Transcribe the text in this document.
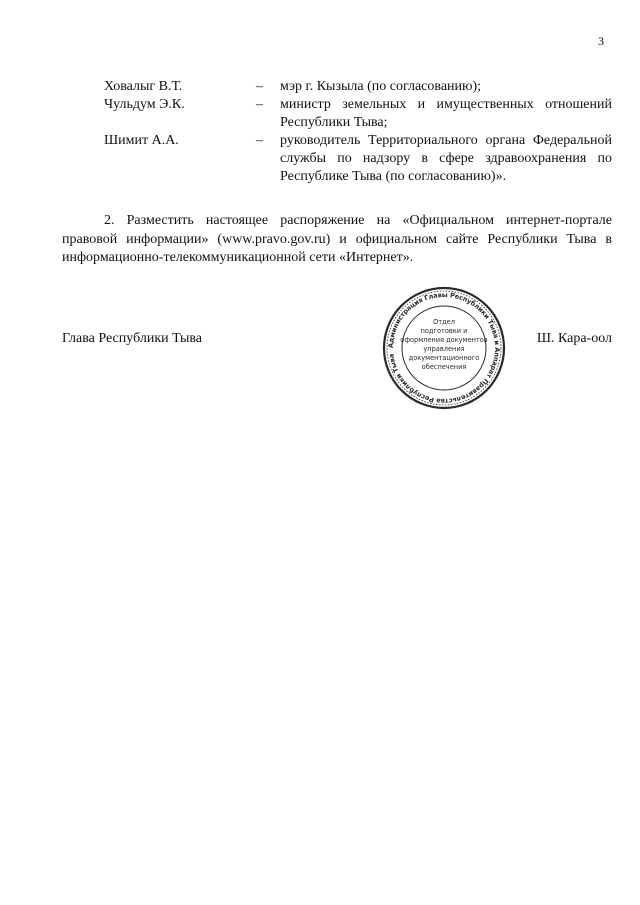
3
Ховалыг В.Т.	–	мэр г. Кызыла (по согласованию);
Чульдум Э.К.	–	министр земельных и имущественных отношений Республики Тыва;
Шимит А.А.	–	руководитель Территориального органа Федеральной службы по надзору в сфере здравоохранения по Республике Тыва (по согласованию)».
2. Разместить настоящее распоряжение на «Официальном интернет-портале правовой информации» (www.pravo.gov.ru) и официальном сайте Республики Тыва в информационно-телекоммуникационной сети «Интернет».
Глава Республики Тыва	Ш. Кара-оол
Администрация Главы Республики Тыва и Аппарат Правительства Республики Тыва
Отдел
подготовки и
оформления документов
управления
документационного
обеспечения
